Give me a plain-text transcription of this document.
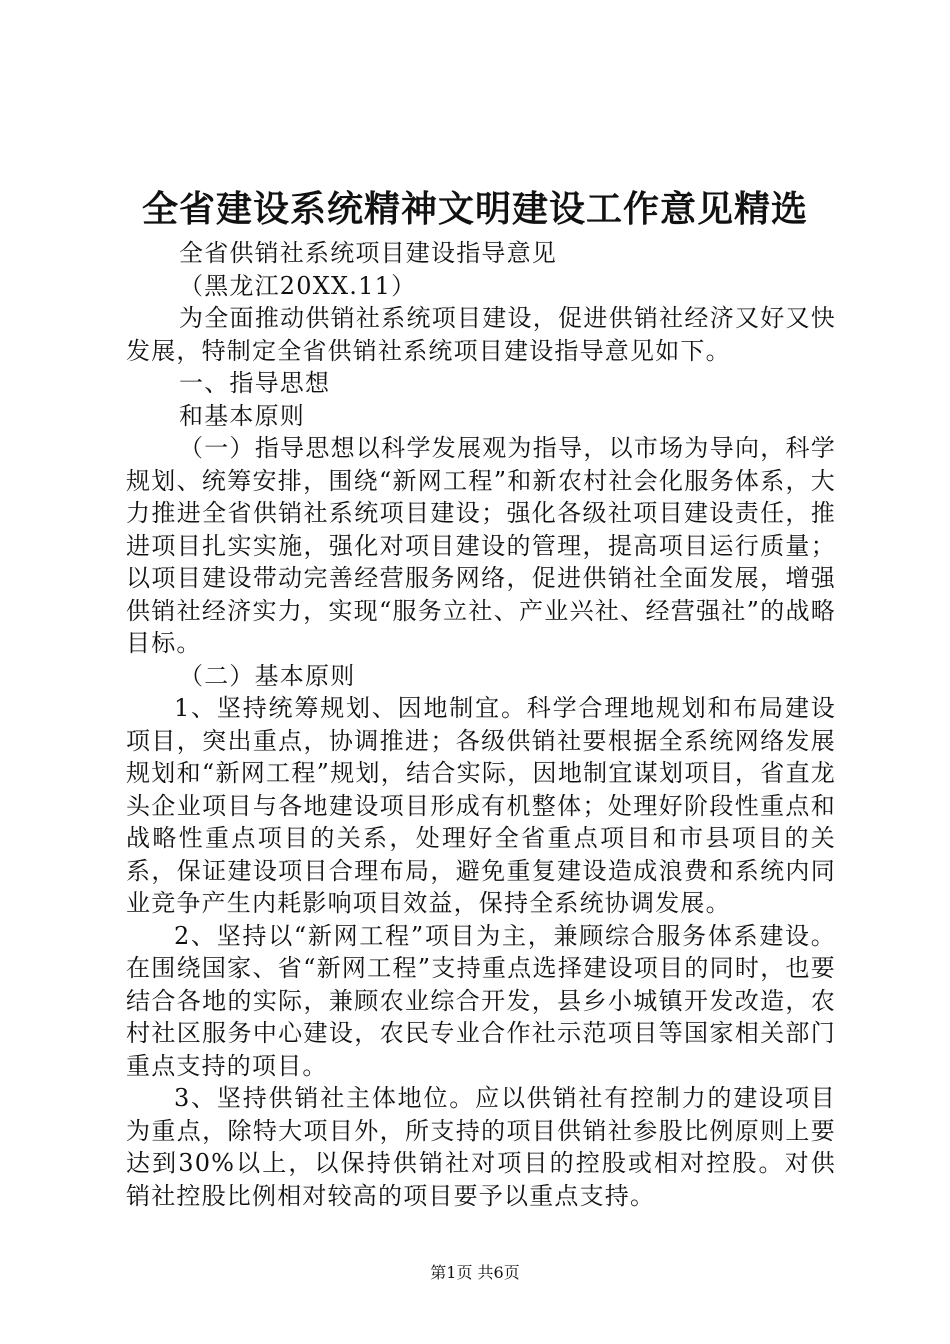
全省建设系统精神文明建设工作意见精选

全省供销社系统项目建设指导意见

（黑龙江20XX.11）

为全面推动供销社系统项目建设，促进供销社经济又好又快发展，特制定全省供销社系统项目建设指导意见如下。

一、指导思想

和基本原则

（一）指导思想以科学发展观为指导，以市场为导向，科学规划、统筹安排，围绕“新网工程”和新农村社会化服务体系，大力推进全省供销社系统项目建设；强化各级社项目建设责任，推进项目扎实实施，强化对项目建设的管理，提高项目运行质量；以项目建设带动完善经营服务网络，促进供销社全面发展，增强供销社经济实力，实现“服务立社、产业兴社、经营强社”的战略目标。

（二）基本原则

1、坚持统筹规划、因地制宜。科学合理地规划和布局建设项目，突出重点，协调推进；各级供销社要根据全系统网络发展规划和“新网工程”规划，结合实际，因地制宜谋划项目，省直龙头企业项目与各地建设项目形成有机整体；处理好阶段性重点和战略性重点项目的关系，处理好全省重点项目和市县项目的关系，保证建设项目合理布局，避免重复建设造成浪费和系统内同业竞争产生内耗影响项目效益，保持全系统协调发展。

2、坚持以“新网工程”项目为主，兼顾综合服务体系建设。在围绕国家、省“新网工程”支持重点选择建设项目的同时，也要结合各地的实际，兼顾农业综合开发，县乡小城镇开发改造，农村社区服务中心建设，农民专业合作社示范项目等国家相关部门重点支持的项目。

3、坚持供销社主体地位。应以供销社有控制力的建设项目为重点，除特大项目外，所支持的项目供销社参股比例原则上要达到30%以上，以保持供销社对项目的控股或相对控股。对供销社控股比例相对较高的项目要予以重点支持。

第1页 共6页
